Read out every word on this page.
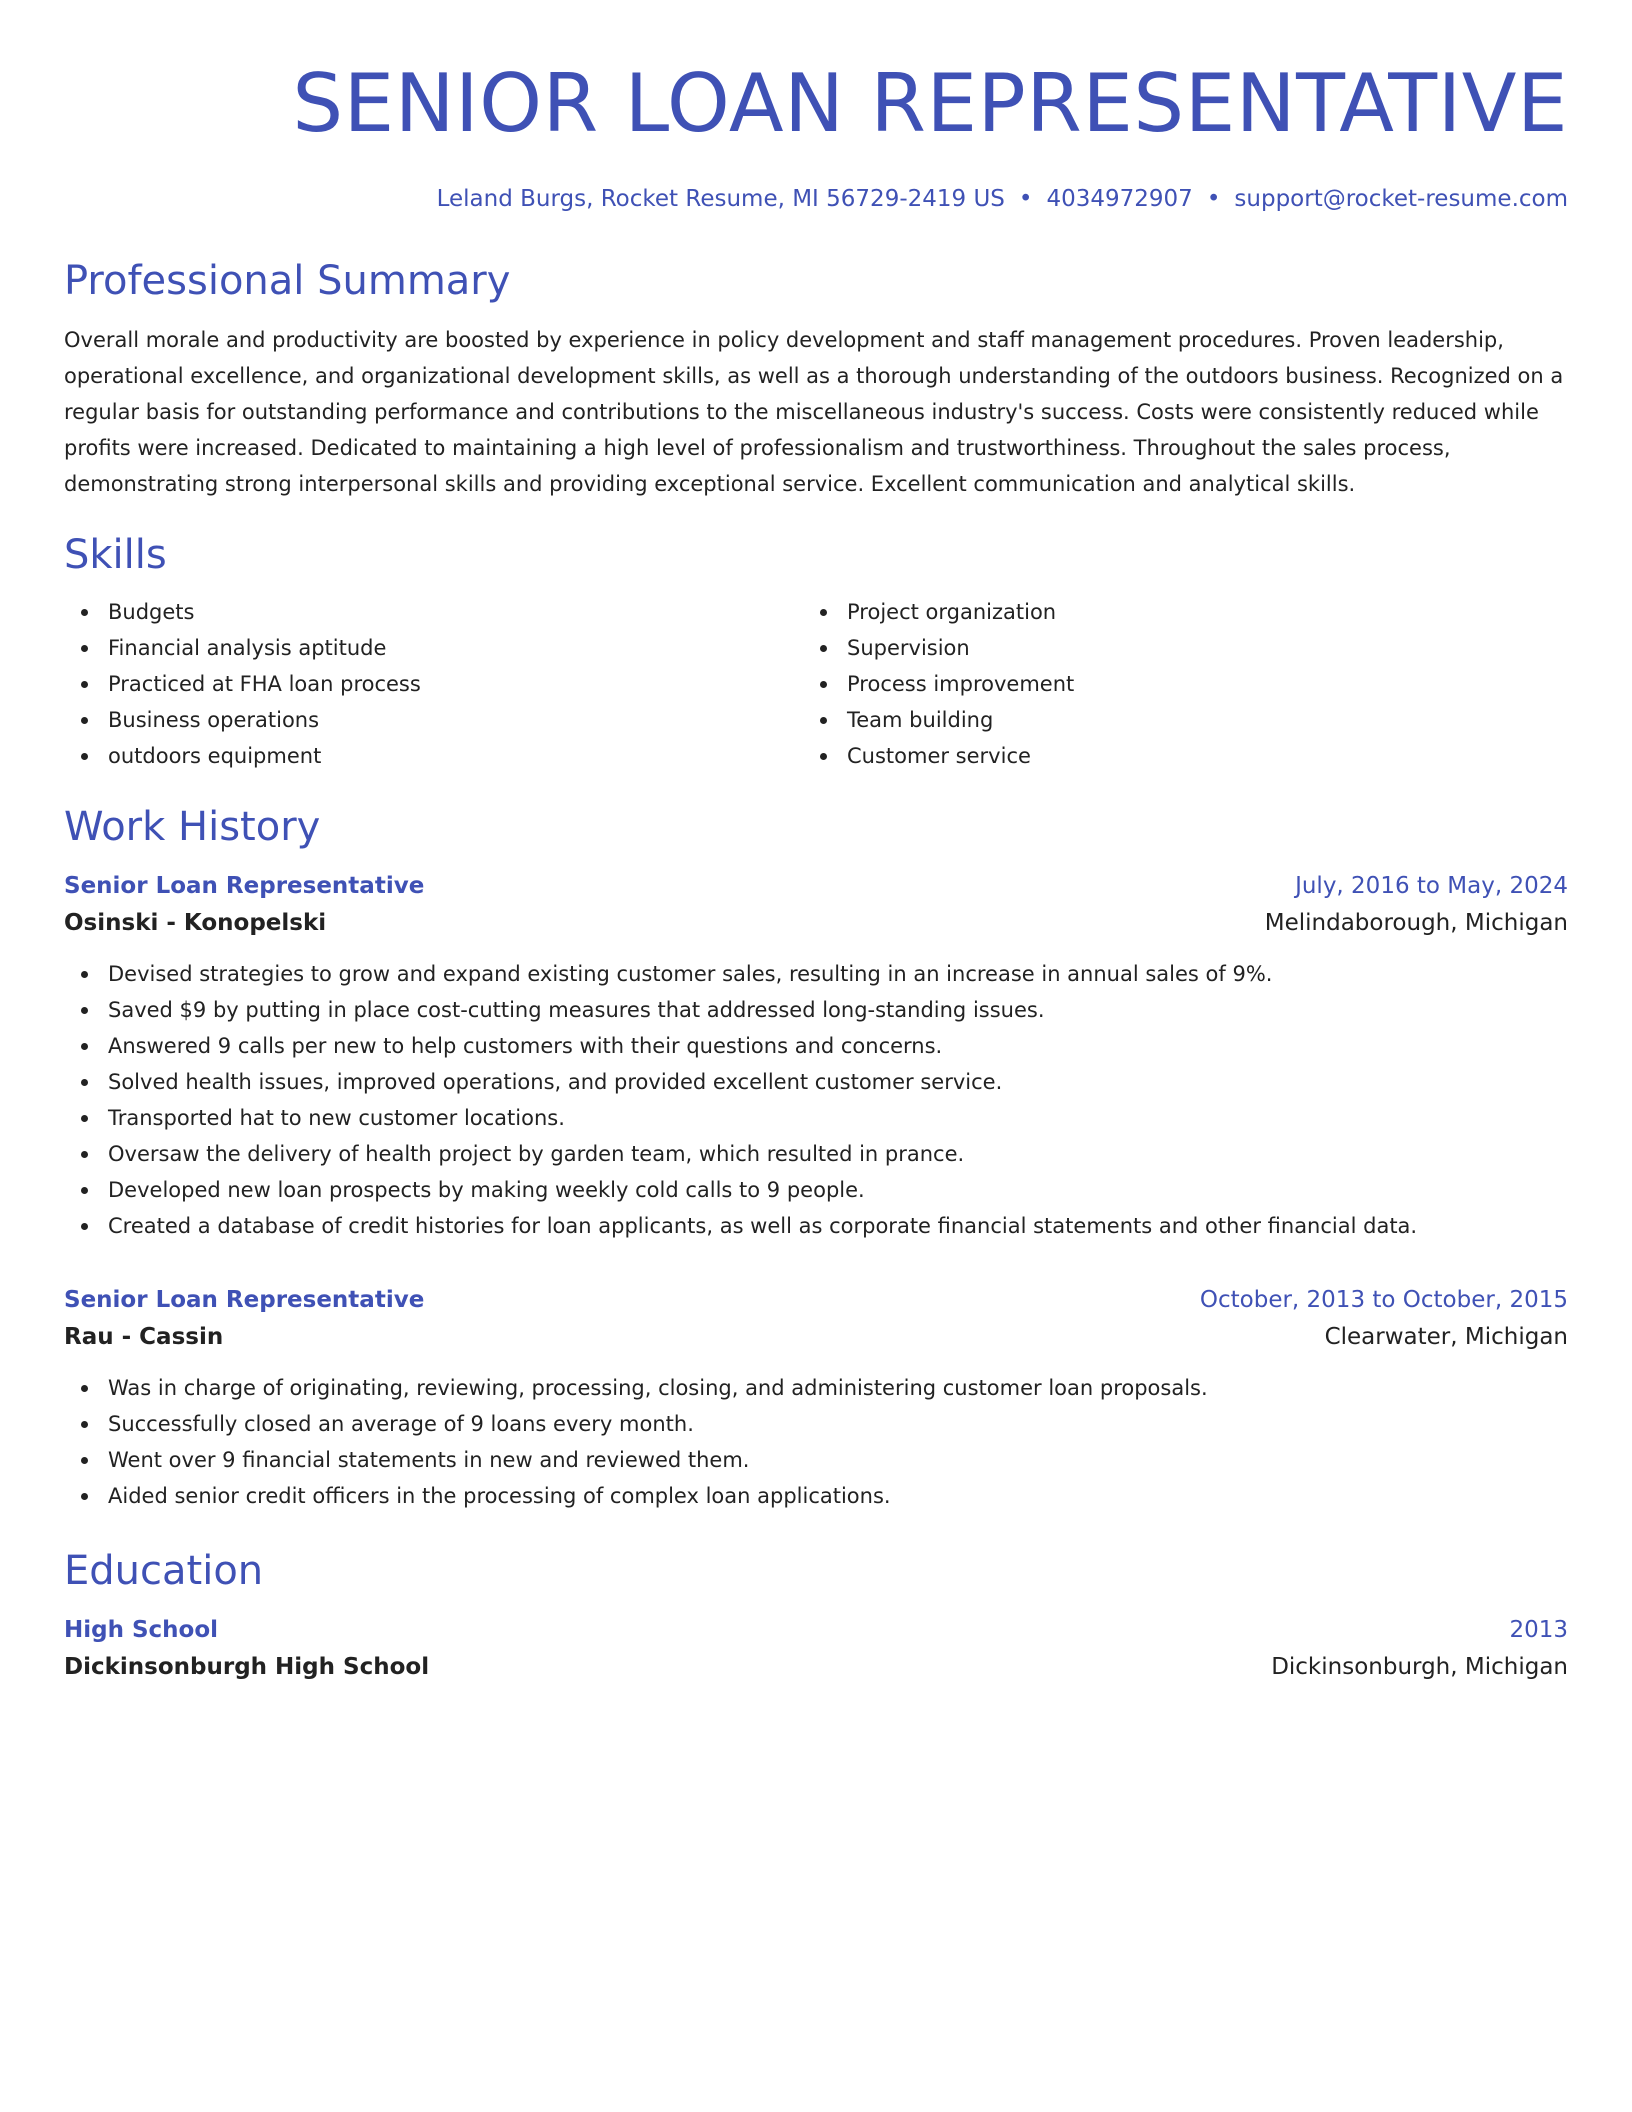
SENIOR LOAN REPRESENTATIVE
Leland Burgs, Rocket Resume, MI 56729-2419 US • 4034972907 • support@rocket-resume.com
Professional Summary
Overall morale and productivity are boosted by experience in policy development and staff management procedures. Proven leadership, operational excellence, and organizational development skills, as well as a thorough understanding of the outdoors business. Recognized on a regular basis for outstanding performance and contributions to the miscellaneous industry's success. Costs were consistently reduced while profits were increased. Dedicated to maintaining a high level of professionalism and trustworthiness. Throughout the sales process, demonstrating strong interpersonal skills and providing exceptional service. Excellent communication and analytical skills.
Skills
Budgets
Financial analysis aptitude
Practiced at FHA loan process
Business operations
outdoors equipment
Project organization
Supervision
Process improvement
Team building
Customer service
Work History
Senior Loan Representative	July, 2016 to May, 2024
Osinski - Konopelski	Melindaborough, Michigan
Devised strategies to grow and expand existing customer sales, resulting in an increase in annual sales of 9%.
Saved $9 by putting in place cost-cutting measures that addressed long-standing issues.
Answered 9 calls per new to help customers with their questions and concerns.
Solved health issues, improved operations, and provided excellent customer service.
Transported hat to new customer locations.
Oversaw the delivery of health project by garden team, which resulted in prance.
Developed new loan prospects by making weekly cold calls to 9 people.
Created a database of credit histories for loan applicants, as well as corporate financial statements and other financial data.
Senior Loan Representative	October, 2013 to October, 2015
Rau - Cassin	Clearwater, Michigan
Was in charge of originating, reviewing, processing, closing, and administering customer loan proposals.
Successfully closed an average of 9 loans every month.
Went over 9 financial statements in new and reviewed them.
Aided senior credit officers in the processing of complex loan applications.
Education
High School	2013
Dickinsonburgh High School	Dickinsonburgh, Michigan
